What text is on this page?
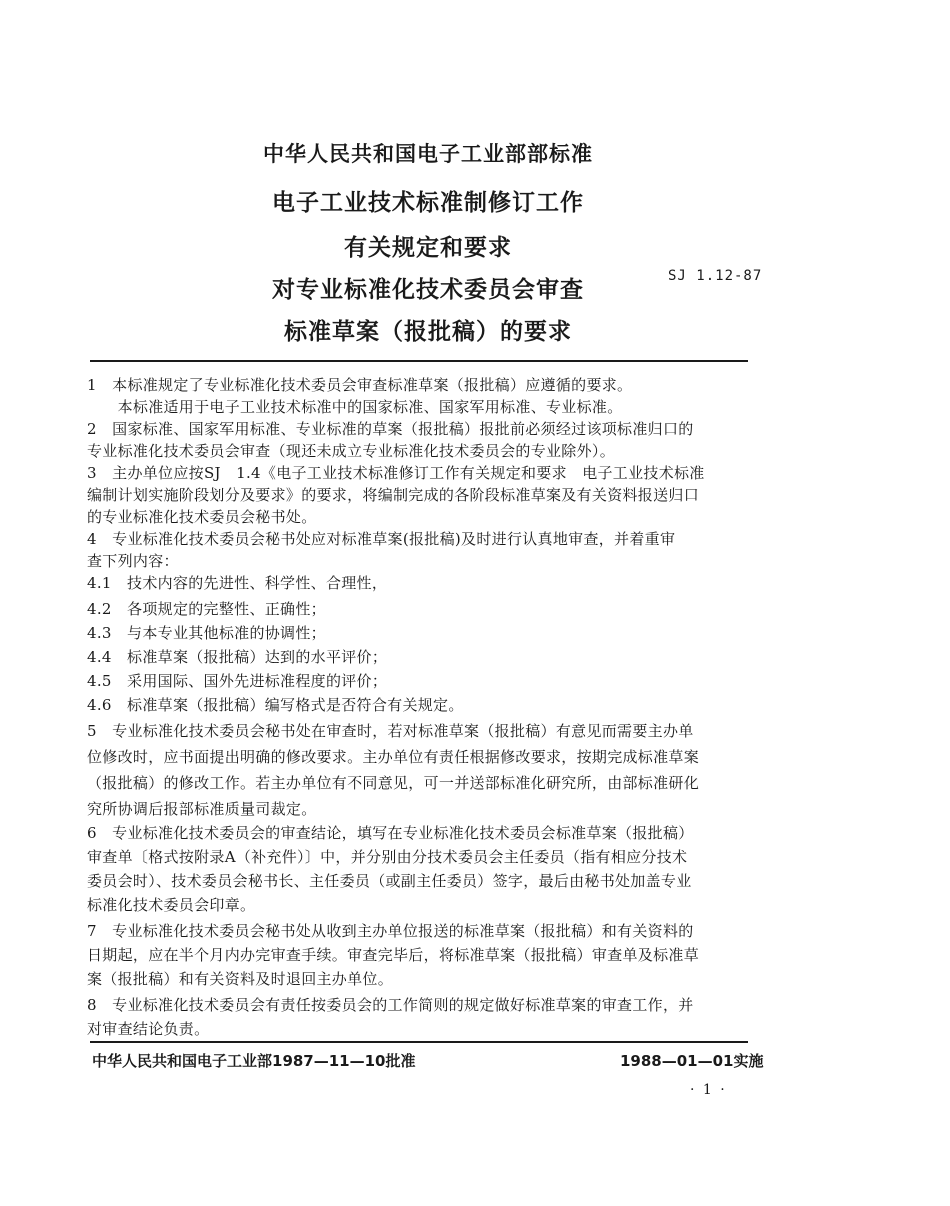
中华人民共和国电子工业部部标准
电子工业技术标准制修订工作
有关规定和要求
对专业标准化技术委员会审查
标准草案（报批稿）的要求
SJ 1.12-87
1　本标准规定了专业标准化技术委员会审查标准草案（报批稿）应遵循的要求。
　　本标准适用于电子工业技术标准中的国家标准、国家军用标准、专业标准。
2　国家标准、国家军用标准、专业标准的草案（报批稿）报批前必须经过该项标准归口的
专业标准化技术委员会审查（现还未成立专业标准化技术委员会的专业除外）。
3　主办单位应按SJ　1.4《电子工业技术标准修订工作有关规定和要求　电子工业技术标准
编制计划实施阶段划分及要求》的要求，将编制完成的各阶段标准草案及有关资料报送归口
的专业标准化技术委员会秘书处。
4　专业标准化技术委员会秘书处应对标准草案(报批稿)及时进行认真地审查，并着重审
查下列内容：
4.1　技术内容的先进性、科学性、合理性，
4.2　各项规定的完整性、正确性；
4.3　与本专业其他标准的协调性；
4.4　标准草案（报批稿）达到的水平评价；
4.5　采用国际、国外先进标准程度的评价；
4.6　标准草案（报批稿）编写格式是否符合有关规定。
5　专业标准化技术委员会秘书处在审查时，若对标准草案（报批稿）有意见而需要主办单
位修改时，应书面提出明确的修改要求。主办单位有责任根据修改要求，按期完成标准草案
（报批稿）的修改工作。若主办单位有不同意见，可一并送部标准化研究所，由部标准研化
究所协调后报部标准质量司裁定。
6　专业标准化技术委员会的审查结论，填写在专业标准化技术委员会标准草案（报批稿）
审查单〔格式按附录A（补充件）〕中，并分别由分技术委员会主任委员（指有相应分技术
委员会时）、技术委员会秘书长、主任委员（或副主任委员）签字，最后由秘书处加盖专业
标准化技术委员会印章。
7　专业标准化技术委员会秘书处从收到主办单位报送的标准草案（报批稿）和有关资料的
日期起，应在半个月内办完审查手续。审查完毕后，将标准草案（报批稿）审查单及标准草
案（报批稿）和有关资料及时退回主办单位。
8　专业标准化技术委员会有责任按委员会的工作简则的规定做好标准草案的审查工作，并
对审查结论负责。
中华人民共和国电子工业部1987—11—10批准	1988—01—01实施
· 1 ·
